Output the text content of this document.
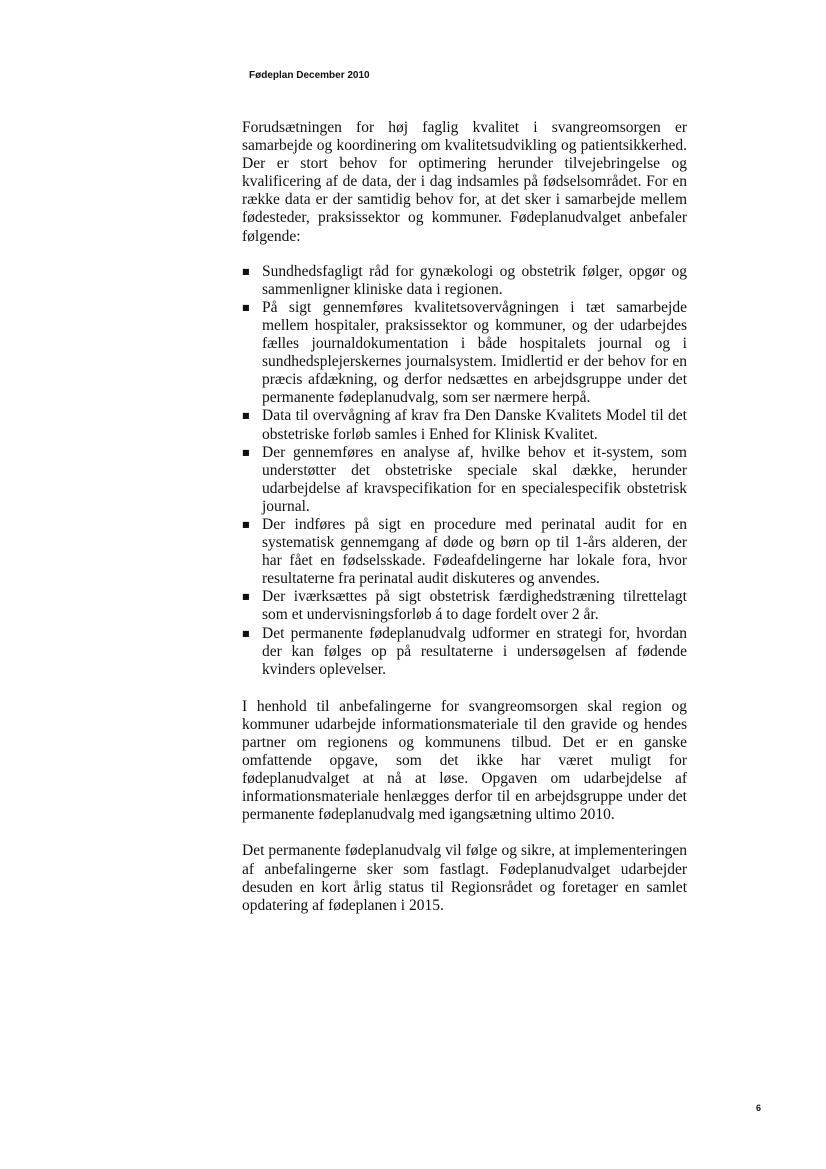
Fødeplan December 2010

Forudsætningen for høj faglig kvalitet i svangreomsorgen er samarbejde og koordinering om kvalitetsudvikling og patientsikkerhed. Der er stort behov for optimering herunder tilvejebringelse og kvalificering af de data, der i dag indsamles på fødselsområdet. For en række data er der samtidig behov for, at det sker i samarbejde mellem fødesteder, praksissektor og kommuner. Fødeplanudvalget anbefaler følgende:

■ Sundhedsfagligt råd for gynækologi og obstetrik følger, opgør og sammenligner kliniske data i regionen.
■ På sigt gennemføres kvalitetsovervågningen i tæt samarbejde mellem hospitaler, praksissektor og kommuner, og der udarbejdes fælles journaldokumentation i både hospitalets journal og i sundhedsplejerskernes journalsystem. Imidlertid er der behov for en præcis afdækning, og derfor nedsættes en arbejdsgruppe under det permanente fødeplanudvalg, som ser nærmere herpå.
■ Data til overvågning af krav fra Den Danske Kvalitets Model til det obstetriske forløb samles i Enhed for Klinisk Kvalitet.
■ Der gennemføres en analyse af, hvilke behov et it-system, som understøtter det obstetriske speciale skal dække, herunder udarbejdelse af kravspecifikation for en specialespecifik obstetrisk journal.
■ Der indføres på sigt en procedure med perinatal audit for en systematisk gennemgang af døde og børn op til 1-års alderen, der har fået en fødselsskade. Fødeafdelingerne har lokale fora, hvor resultaterne fra perinatal audit diskuteres og anvendes.
■ Der iværksættes på sigt obstetrisk færdighedstræning tilrettelagt som et undervisningsforløb á to dage fordelt over 2 år.
■ Det permanente fødeplanudvalg udformer en strategi for, hvordan der kan følges op på resultaterne i undersøgelsen af fødende kvinders oplevelser.

I henhold til anbefalingerne for svangreomsorgen skal region og kommuner udarbejde informationsmateriale til den gravide og hendes partner om regionens og kommunens tilbud. Det er en ganske omfattende opgave, som det ikke har været muligt for fødeplanudvalget at nå at løse. Opgaven om udarbejdelse af informationsmateriale henlægges derfor til en arbejdsgruppe under det permanente fødeplanudvalg med igangsætning ultimo 2010.

Det permanente fødeplanudvalg vil følge og sikre, at implementeringen af anbefalingerne sker som fastlagt. Fødeplanudvalget udarbejder desuden en kort årlig status til Regionsrådet og foretager en samlet opdatering af fødeplanen i 2015.

6
